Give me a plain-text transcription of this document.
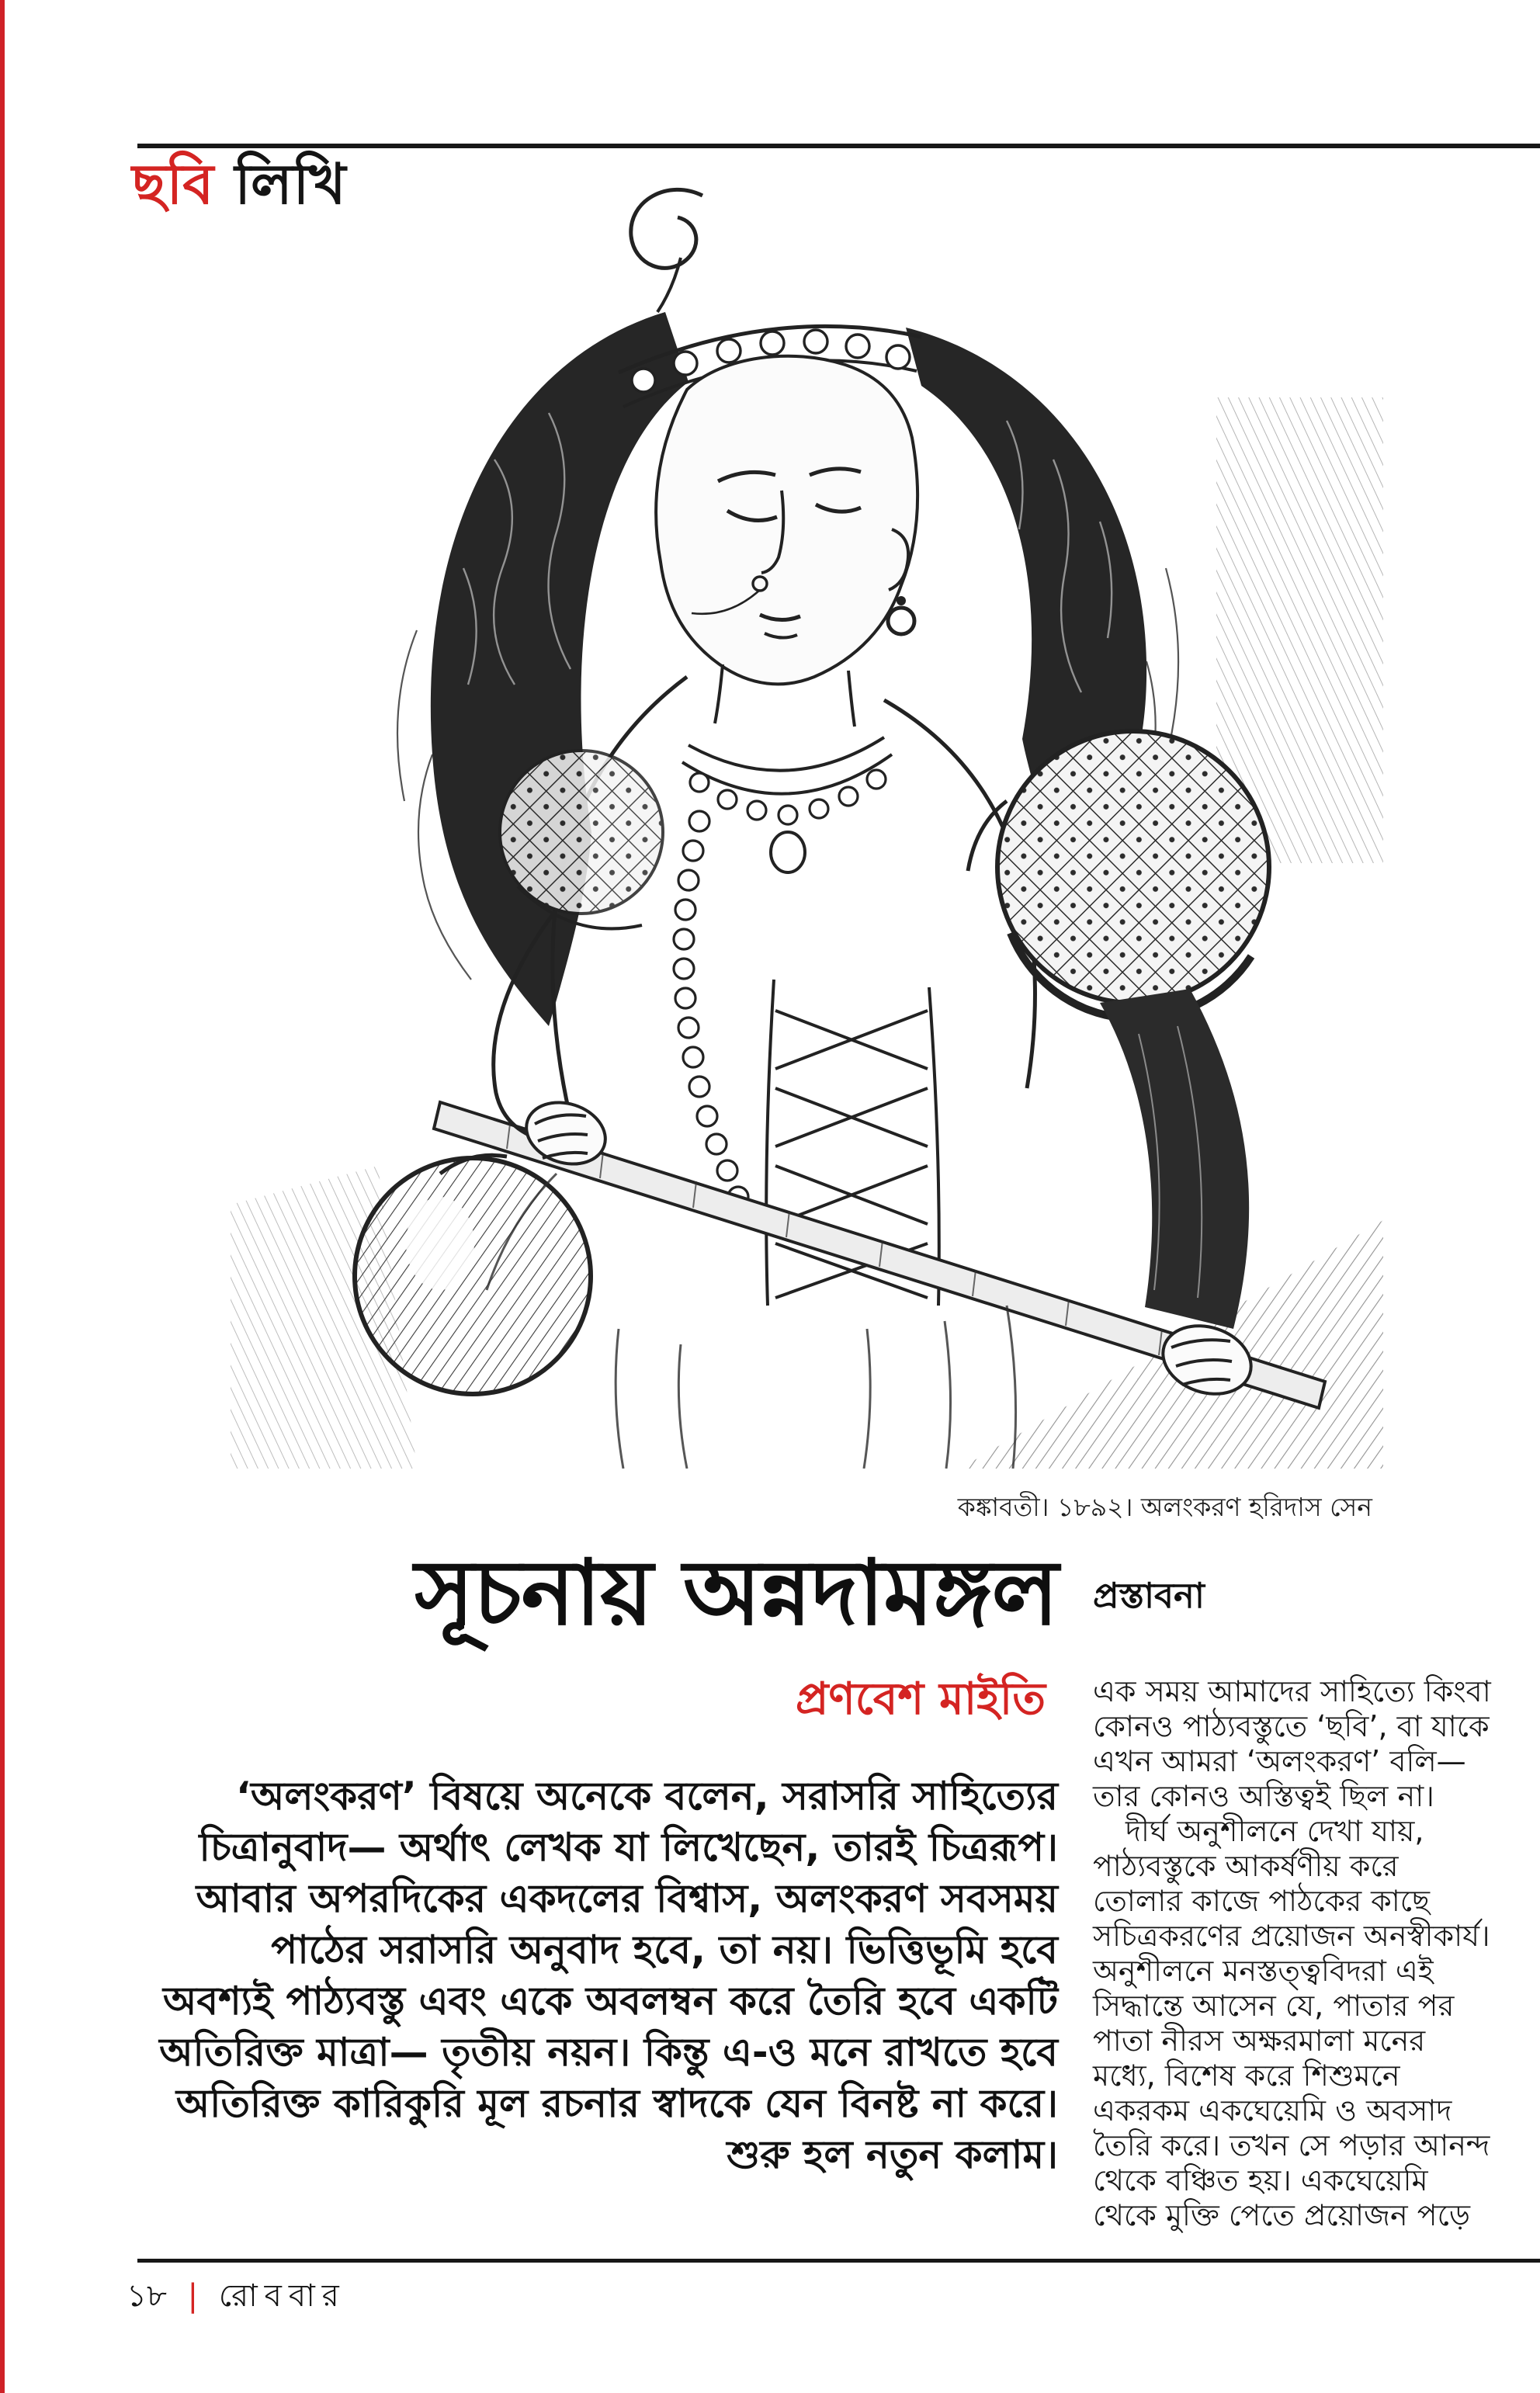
ছবি লিখি
কঙ্কাবতী। ১৮৯২। অলংকরণ হরিদাস সেন
সূচনায় অন্নদামঙ্গল
প্রণবেশ মাইতি
‘অলংকরণ’ বিষয়ে অনেকে বলেন, সরাসরি সাহিত্যের
চিত্রানুবাদ— অর্থাৎ লেখক যা লিখেছেন, তারই চিত্ররূপ।
আবার অপরদিকের একদলের বিশ্বাস, অলংকরণ সবসময়
পাঠের সরাসরি অনুবাদ হবে, তা নয়। ভিত্তিভূমি হবে
অবশ্যই পাঠ্যবস্তু এবং একে অবলম্বন করে তৈরি হবে একটি
অতিরিক্ত মাত্রা— তৃতীয় নয়ন। কিন্তু এ-ও মনে রাখতে হবে
অতিরিক্ত কারিকুরি মূল রচনার স্বাদকে যেন বিনষ্ট না করে।
শুরু হল নতুন কলাম।
প্রস্তাবনা
এক সময় আমাদের সাহিত্যে কিংবা
কোনও পাঠ্যবস্তুতে ‘ছবি’, বা যাকে
এখন আমরা ‘অলংকরণ’ বলি—
তার কোনও অস্তিত্বই ছিল না।
দীর্ঘ অনুশীলনে দেখা যায়,
পাঠ্যবস্তুকে আকর্ষণীয় করে
তোলার কাজে পাঠকের কাছে
সচিত্রকরণের প্রয়োজন অনস্বীকার্য।
অনুশীলনে মনস্তত্ত্ববিদরা এই
সিদ্ধান্তে আসেন যে, পাতার পর
পাতা নীরস অক্ষরমালা মনের
মধ্যে, বিশেষ করে শিশুমনে
একরকম একঘেয়েমি ও অবসাদ
তৈরি করে। তখন সে পড়ার আনন্দ
থেকে বঞ্চিত হয়। একঘেয়েমি
থেকে মুক্তি পেতে প্রয়োজন পড়ে
১৮ | রোববার
